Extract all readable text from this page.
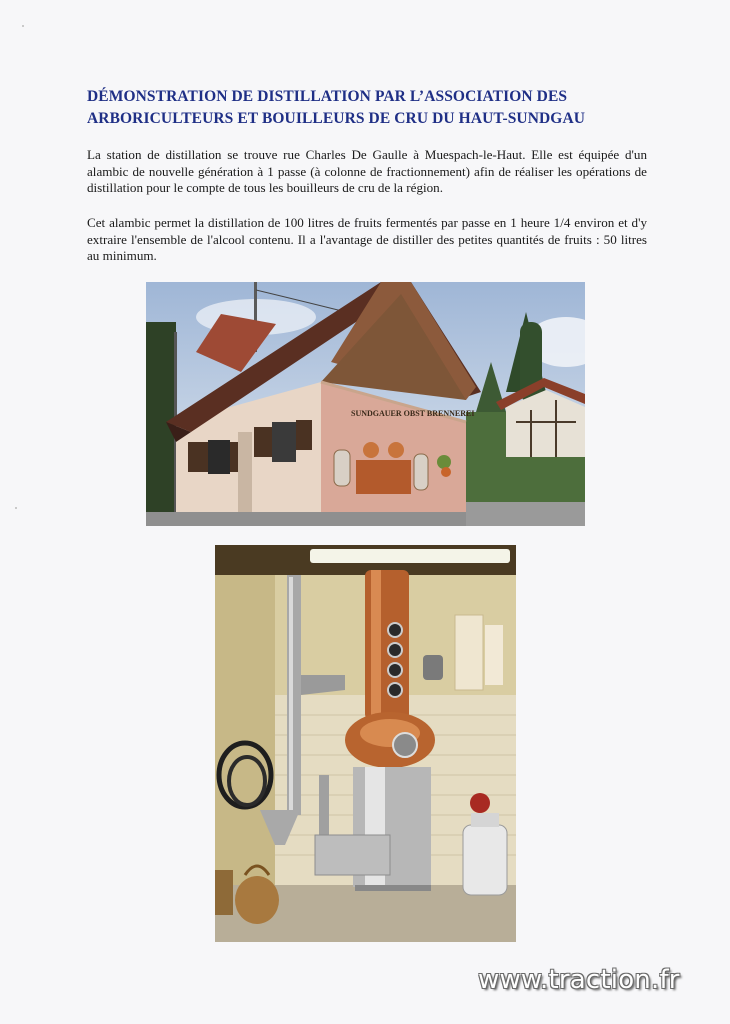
DÉMONSTRATION DE DISTILLATION PAR L’ASSOCIATION DES
ARBORICULTEURS ET BOUILLEURS DE CRU DU HAUT-SUNDGAU
La station de distillation se trouve rue Charles De Gaulle à Muespach-le-Haut. Elle est équipée d'un alambic de nouvelle génération à 1 passe (à colonne de fractionnement) afin de réaliser les opérations de distillation pour le compte de tous les bouilleurs de cru de la région.
Cet alambic permet la distillation de 100 litres de fruits fermentés par passe en 1 heure 1/4 environ et d'y extraire l'ensemble de l'alcool contenu. Il a l'avantage de distiller des petites quantités de fruits : 50 litres au minimum.
SUNDGAUER OBST BRENNEREI
www.traction.fr
